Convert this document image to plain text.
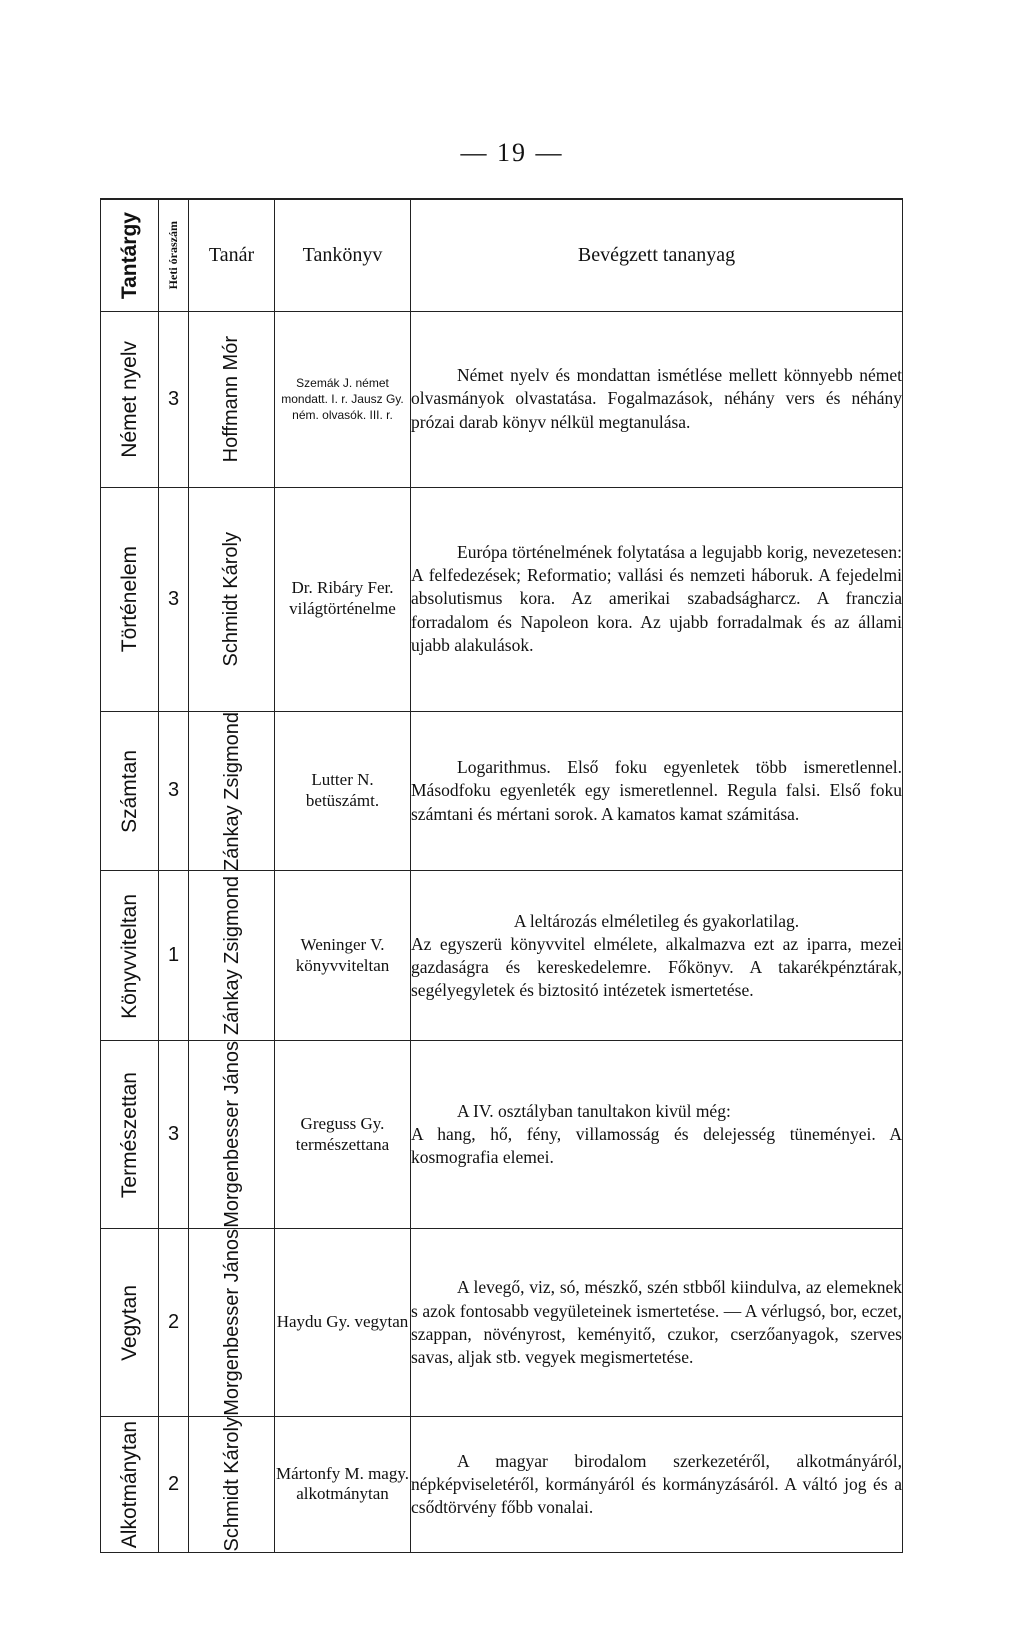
— 19 —
Tantárgy	Heti óraszám	Tanár	Tankönyv	Bevégzett tananyag

Német nyelv	3	Hoffmann Mór	Szemák J. német mondatt. I. r. Jausz Gy. ném. olvasók. III. r.	Német nyelv és mondattan ismétlése mellett könnyebb német olvasmányok olvastatása. Fogalmazások, néhány vers és néhány prózai darab könyv nélkül megtanulása.

Történelem	3	Schmidt Károly	Dr. Ribáry Fer. világtörténelme	Európa történelmének folytatása a legujabb korig, nevezetesen: A felfedezések; Reformatio; vallási és nemzeti háboruk. A fejedelmi absolutismus kora. Az amerikai szabadságharcz. A franczia forradalom és Napoleon kora. Az ujabb forradalmak és az állami ujabb alakulások.

Számtan	3	Zánkay Zsigmond	Lutter N. betüszámt.	Logarithmus. Első foku egyenletek több ismeretlennel. Másodfoku egyenleték egy ismeretlennel. Regula falsi. Első foku számtani és mértani sorok. A kamatos kamat számitása.

Könyvviteltan	1	Zánkay Zsigmond	Weninger V. könyvviteltan	A leltározás elméletileg és gyakorlatilag.

Az egyszerü könyvvitel elmélete, alkalmazva ezt az iparra, mezei gazdaságra és kereskedelemre. Főkönyv. A takarékpénztárak, segélyegyletek és biztositó intézetek ismertetése.

Természettan	3	Morgenbesser János	Greguss Gy. természettana	A IV. osztályban tanultakon kivül még:

A hang, hő, fény, villamosság és delejesség tüneményei. A kosmografia elemei.

Vegytan	2	Morgenbesser János	Haydu Gy. vegytan	A levegő, viz, só, mészkő, szén stbből kiindulva, az elemeknek s azok fontosabb vegyületeinek ismertetése. — A vérlugsó, bor, eczet, szappan, növényrost, keményitő, czukor, cserzőanyagok, szerves savas, aljak stb. vegyek megismertetése.

Alkotmánytan	2	Schmidt Károly	Mártonfy M. magy. alkotmánytan	A magyar birodalom szerkezetéről, alkotmányáról, népképviseletéről, kormányáról és kormányzásáról. A váltó jog és a csődtörvény főbb vonalai.
